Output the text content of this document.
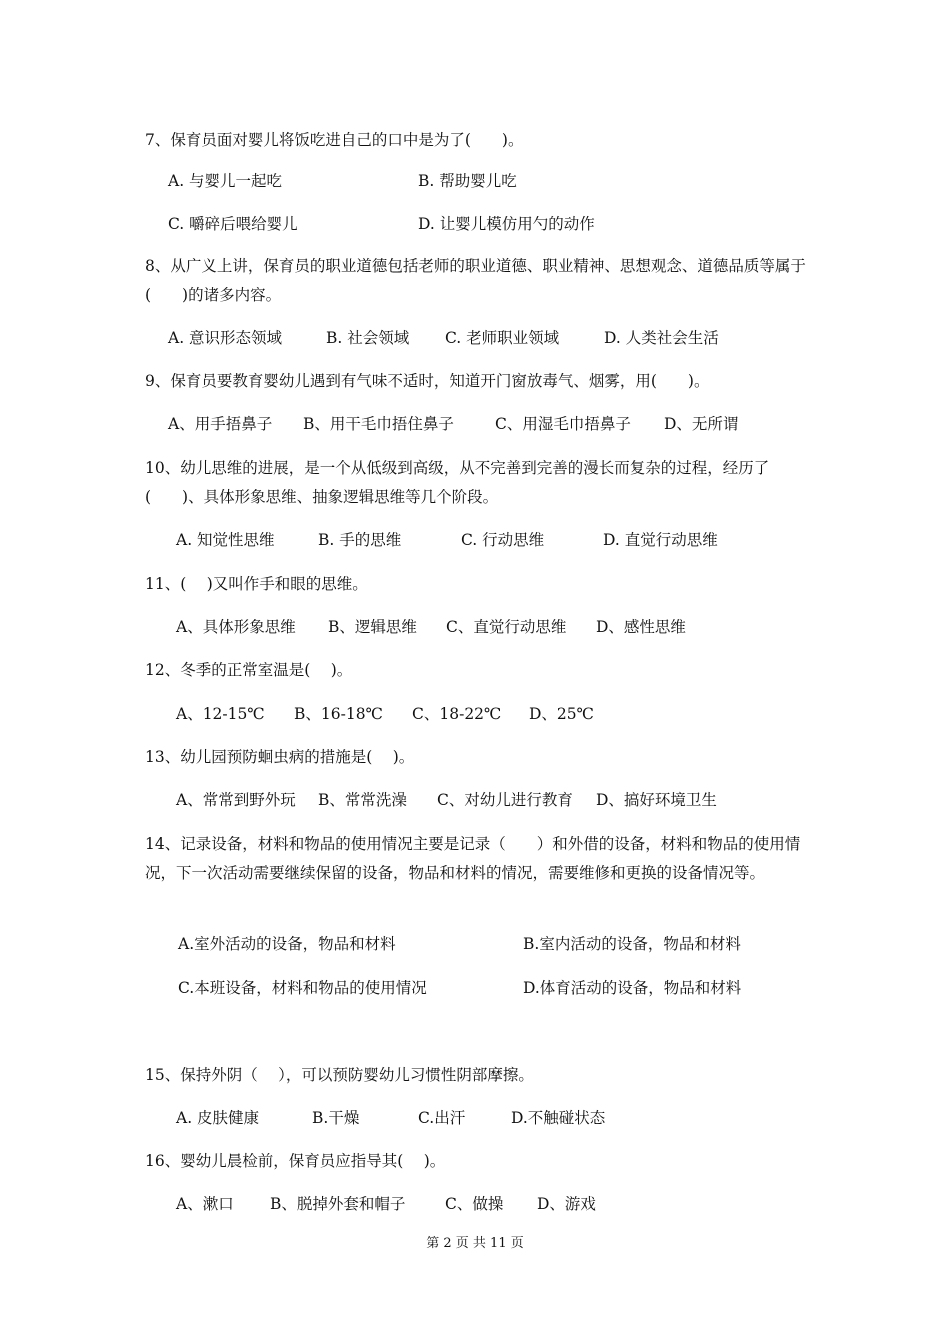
7、保育员面对婴儿将饭吃进自己的口中是为了(　　)。

A. 与婴儿一起吃	B. 帮助婴儿吃
C. 嚼碎后喂给婴儿	D. 让婴儿模仿用勺的动作

8、从广义上讲，保育员的职业道德包括老师的职业道德、职业精神、思想观念、道德品质等属于(　　)的诸多内容。

A. 意识形态领域	B. 社会领域 C. 老师职业领域	D. 人类社会生活

9、保育员要教育婴幼儿遇到有气味不适时，知道开门窗放毒气、烟雾，用(　　)。

A、用手捂鼻子 B、用干毛巾捂住鼻子	C、用湿毛巾捂鼻子 D、无所谓

10、幼儿思维的进展，是一个从低级到高级，从不完善到完善的漫长而复杂的过程，经历了(　　)、具体形象思维、抽象逻辑思维等几个阶段。

A. 知觉性思维	B. 手的思维	C. 行动思维	D. 直觉行动思维

11、(　 )又叫作手和眼的思维。

A、具体形象思维 B、逻辑思维 C、直觉行动思维 D、感性思维

12、冬季的正常室温是(　 )。

A、12-15℃ B、16-18℃ C、18-22℃ D、25℃

13、幼儿园预防蛔虫病的措施是(　 )。

A、常常到野外玩 B、常常洗澡 C、对幼儿进行教育 D、搞好环境卫生

14、记录设备，材料和物品的使用情况主要是记录（　　）和外借的设备，材料和物品的使用情况，下一次活动需要继续保留的设备，物品和材料的情况，需要维修和更换的设备情况等。

A.室外活动的设备，物品和材料	B.室内活动的设备，物品和材料
C.本班设备，材料和物品的使用情况	D.体育活动的设备，物品和材料

15、保持外阴（　 ），可以预防婴幼儿习惯性阴部摩擦。

A. 皮肤健康	B.干燥	C.出汗	D.不触碰状态

16、婴幼儿晨检前，保育员应指导其(　 )。

A、漱口 B、脱掉外套和帽子	C、做操 D、游戏
第 2 页 共 11 页
